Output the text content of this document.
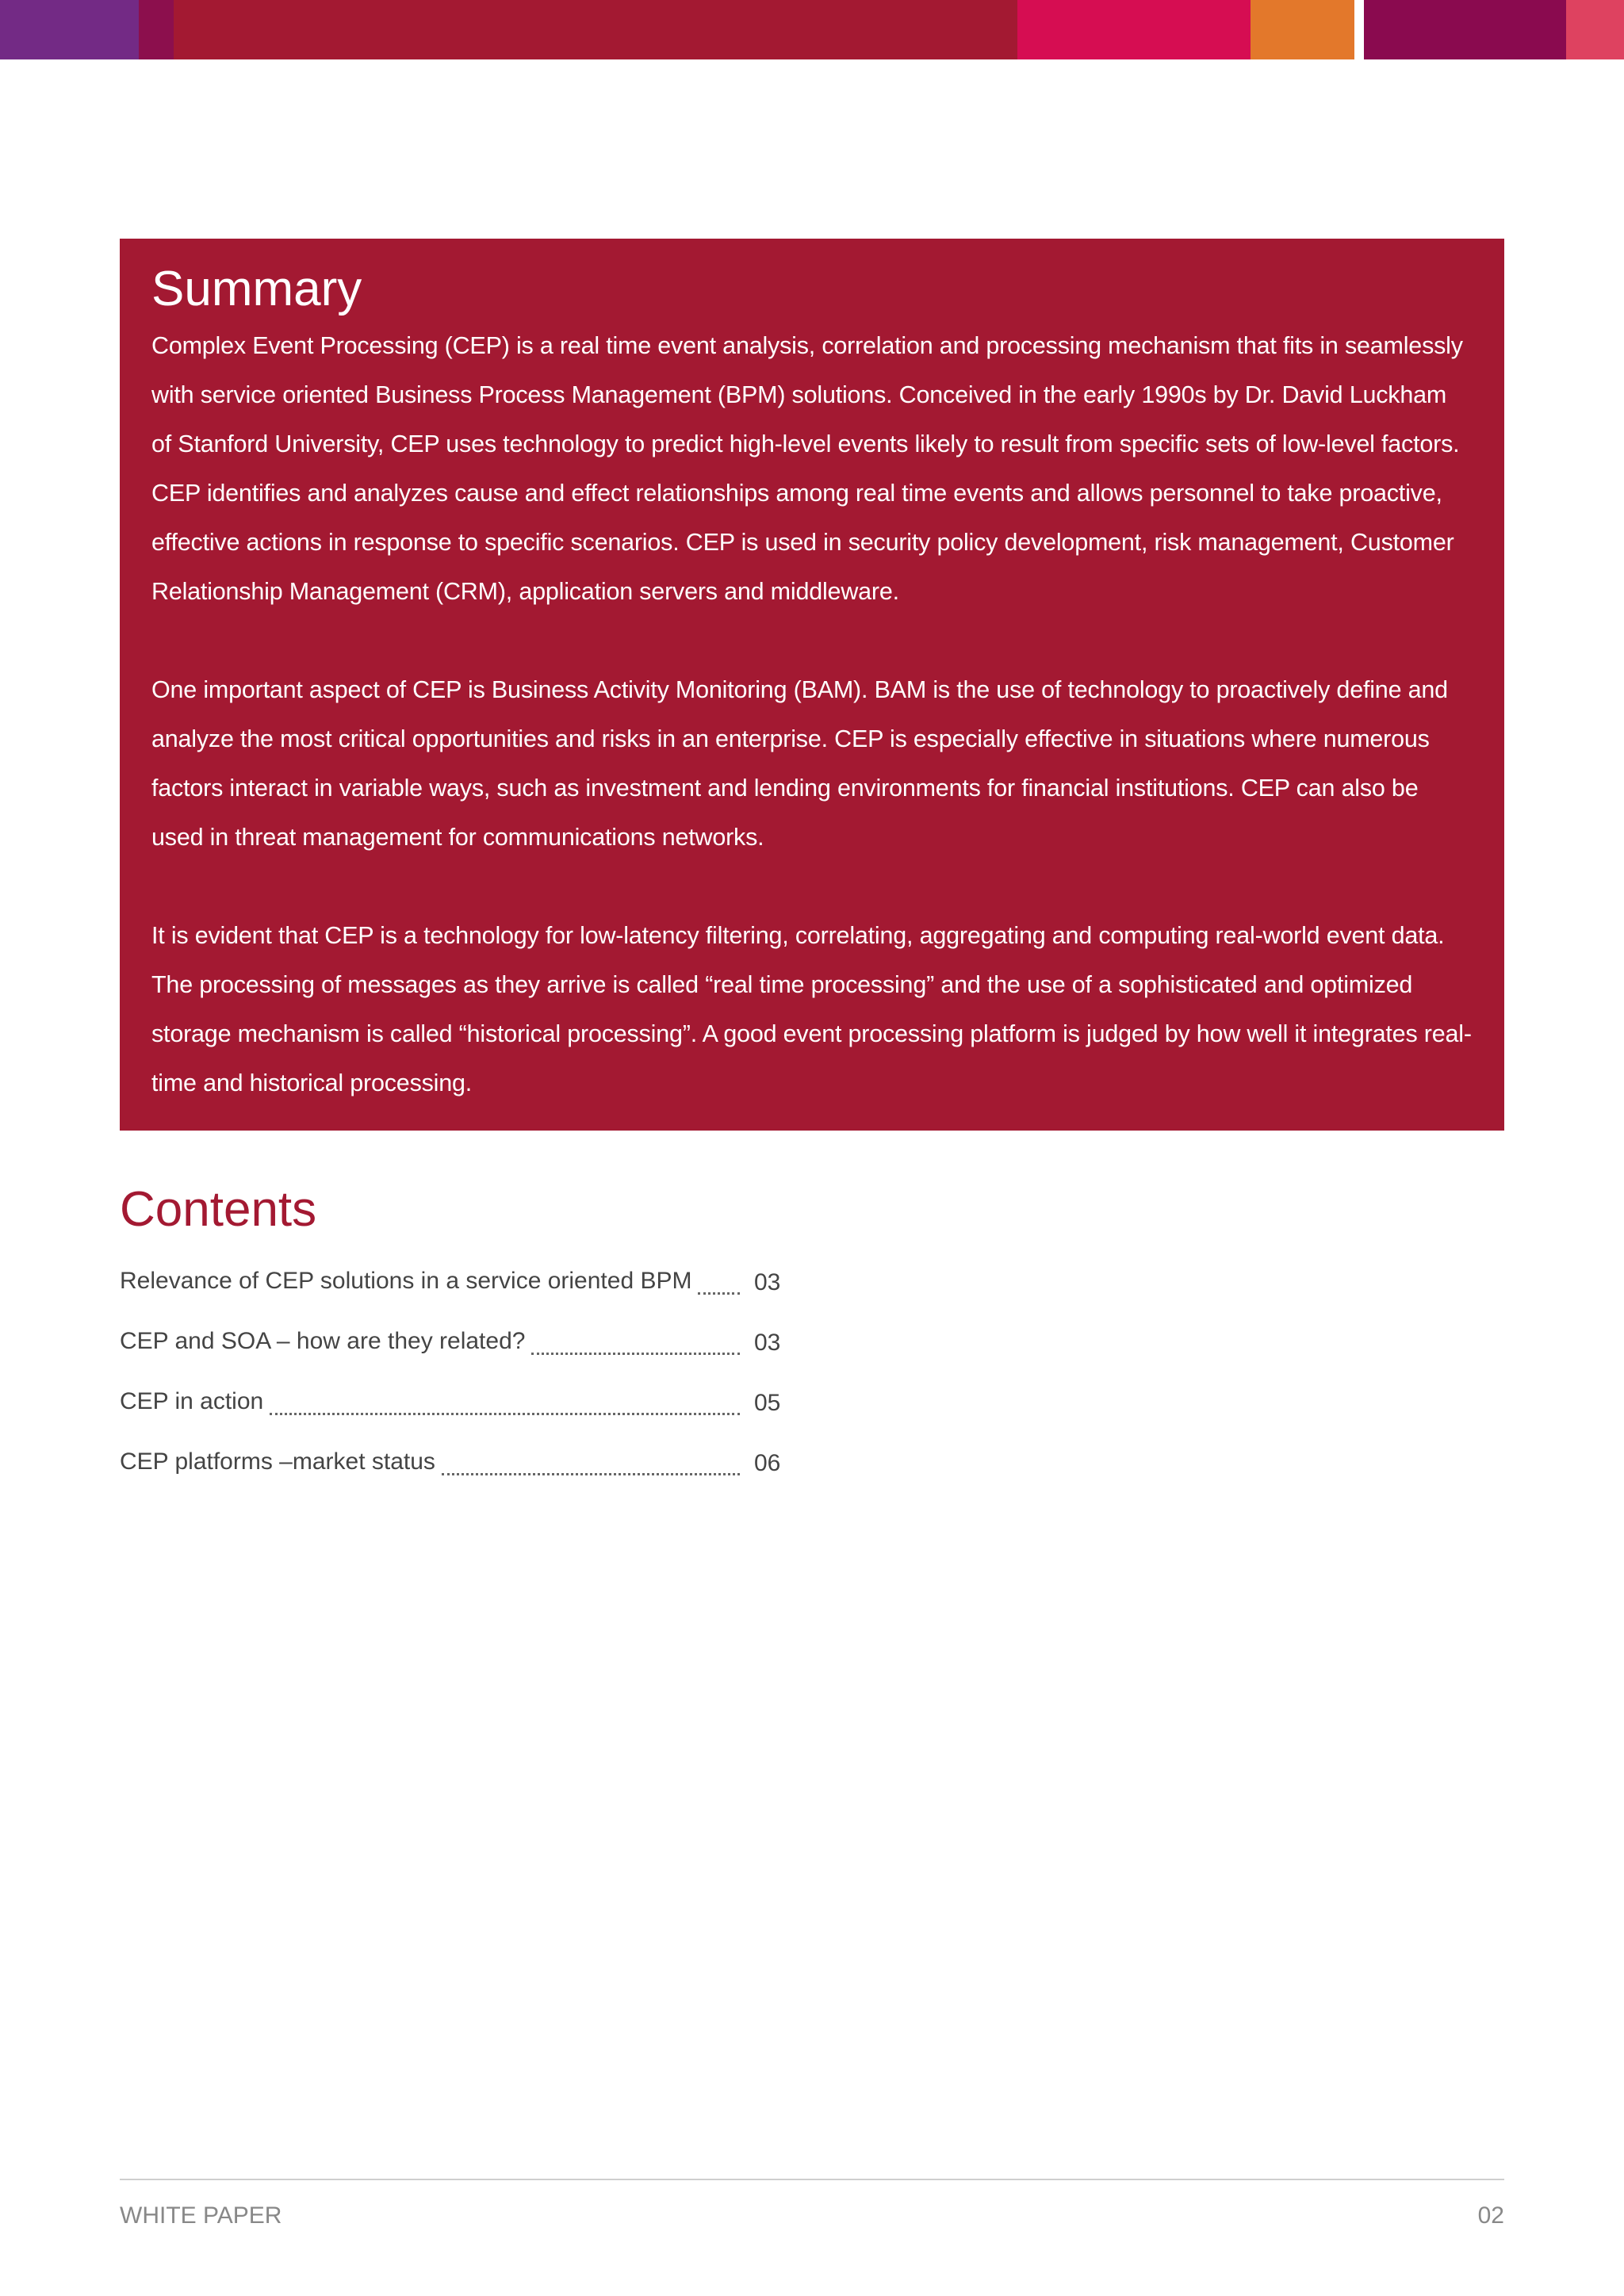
Summary

Complex Event Processing (CEP) is a real time event analysis, correlation and processing mechanism that fits in seamlessly with service oriented Business Process Management (BPM) solutions. Conceived in the early 1990s by Dr. David Luckham of Stanford University, CEP uses technology to predict high-level events likely to result from specific sets of low-level factors. CEP identifies and analyzes cause and effect relationships among real time events and allows personnel to take proactive, effective actions in response to specific scenarios. CEP is used in security policy development, risk management, Customer Relationship Management (CRM), application servers and middleware.

One important aspect of CEP is Business Activity Monitoring (BAM). BAM is the use of technology to proactively define and analyze the most critical opportunities and risks in an enterprise. CEP is especially effective in situations where numerous factors interact in variable ways, such as investment and lending environments for financial institutions. CEP can also be used in threat management for communications networks.

It is evident that CEP is a technology for low-latency filtering, correlating, aggregating and computing real-world event data. The processing of messages as they arrive is called “real time processing” and the use of a sophisticated and optimized storage mechanism is called “historical processing”. A good event processing platform is judged by how well it integrates real-time and historical processing.

Contents
Relevance of CEP solutions in a service oriented BPM	03
CEP and SOA – how are they related?	03
CEP in action	05
CEP platforms –market status	06
WHITE PAPER	02
